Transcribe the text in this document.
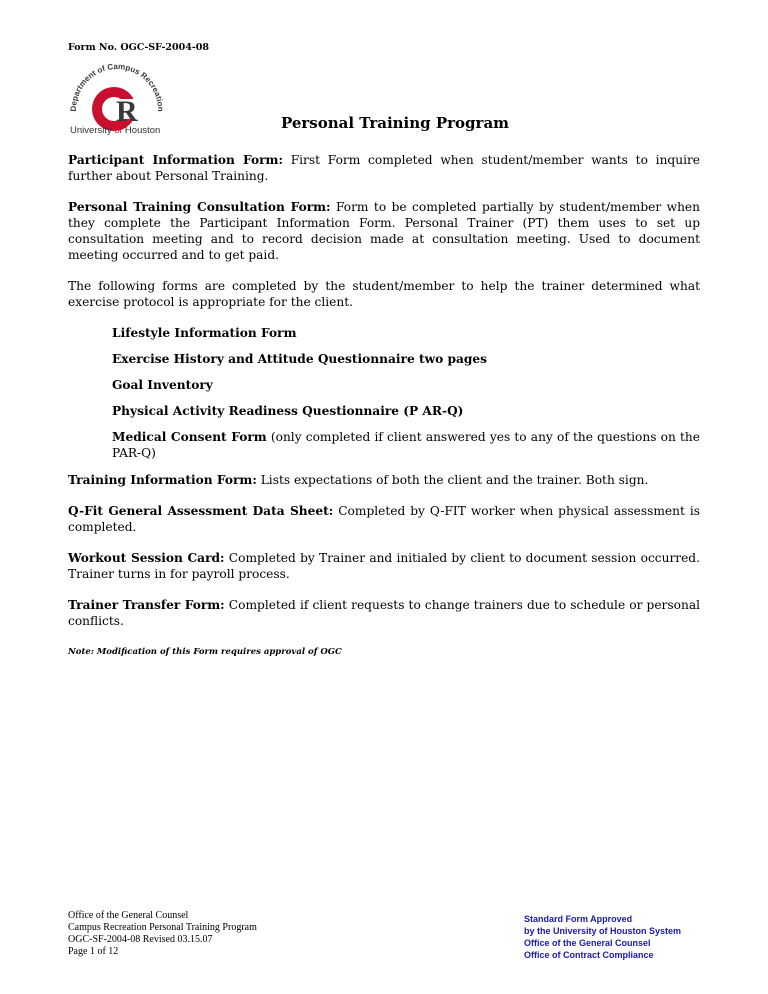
Form No. OGC-SF-2004-08
Department of Campus Recreation
R
University of Houston	Personal Training Program

Participant Information Form: First Form completed when student/member wants to inquire further about Personal Training.

Personal Training Consultation Form: Form to be completed partially by student/member when they complete the Participant Information Form. Personal Trainer (PT) them uses to set up consultation meeting and to record decision made at consultation meeting. Used to document meeting occurred and to get paid.

The following forms are completed by the student/member to help the trainer determined what exercise protocol is appropriate for the client.

Lifestyle Information Form
Exercise History and Attitude Questionnaire two pages
Goal Inventory
Physical Activity Readiness Questionnaire (P AR-Q)
Medical Consent Form (only completed if client answered yes to any of the questions on the PAR-Q)

Training Information Form: Lists expectations of both the client and the trainer. Both sign.

Q-Fit General Assessment Data Sheet: Completed by Q-FIT worker when physical assessment is completed.

Workout Session Card: Completed by Trainer and initialed by client to document session occurred. Trainer turns in for payroll process.

Trainer Transfer Form: Completed if client requests to change trainers due to schedule or personal conflicts.

Note: Modification of this Form requires approval of OGC

Office of the General Counsel
Campus Recreation Personal Training Program
OGC-SF-2004-08 Revised 03.15.07
Page 1 of 12
Standard Form Approved
by the University of Houston System
Office of the General Counsel
Office of Contract Compliance
